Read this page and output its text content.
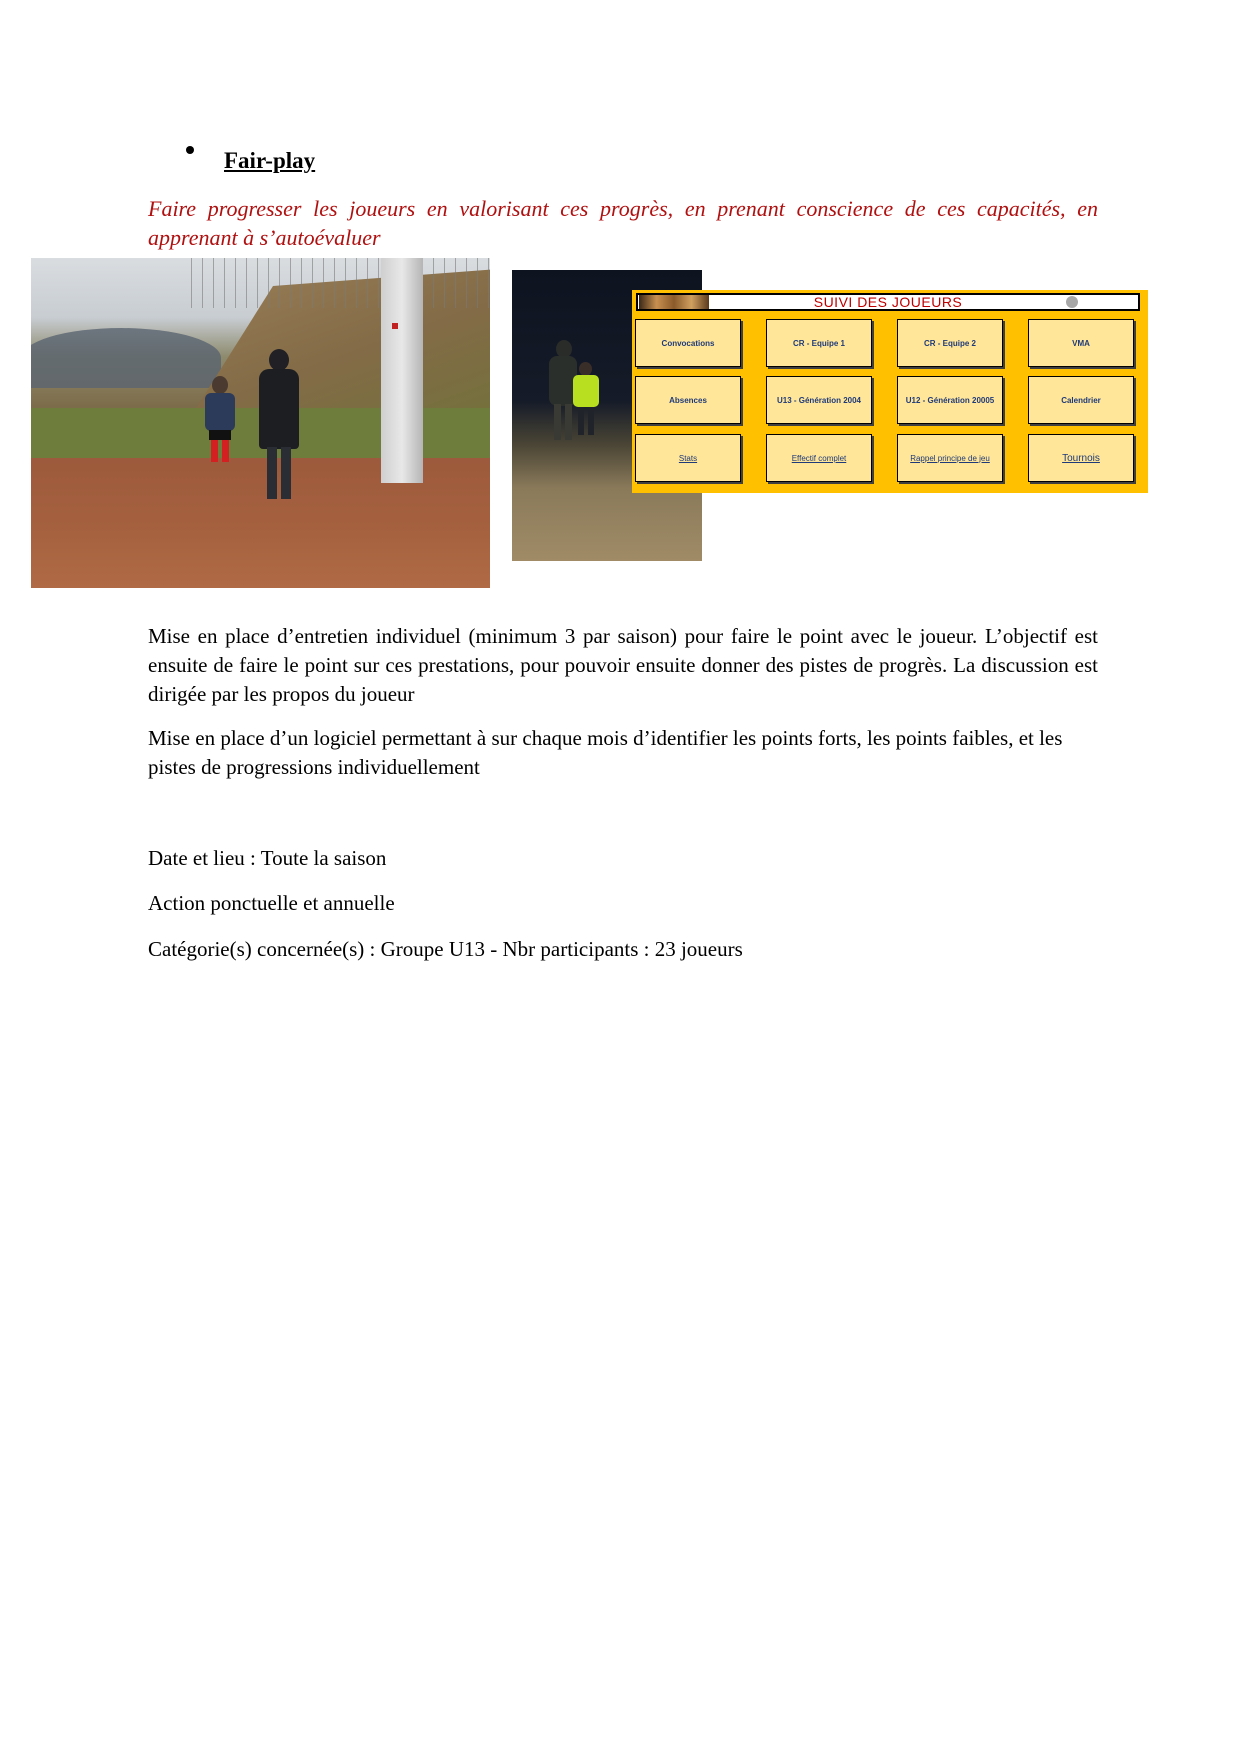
Fair-play
Faire progresser les joueurs en valorisant ces progrès, en prenant conscience de ces capacités, en apprenant à s’autoévaluer
SUIVI DES JOUEURS
Convocations	CR - Equipe 1	CR - Equipe 2	VMA
Absences	U13 - Génération 2004	U12 - Génération 20005	Calendrier
Stats	Effectif complet	Rappel principe de jeu	Tournois
Mise en place d’entretien individuel (minimum 3 par saison) pour faire le point avec le joueur. L’objectif est ensuite de faire le point sur ces prestations, pour pouvoir ensuite donner des pistes de progrès. La discussion est dirigée par les propos du joueur
Mise en place d’un logiciel permettant à sur chaque mois d’identifier les points forts, les points faibles, et les pistes de progressions individuellement
Date et lieu : Toute la saison
Action ponctuelle et annuelle
Catégorie(s) concernée(s) : Groupe U13 - Nbr participants : 23 joueurs
